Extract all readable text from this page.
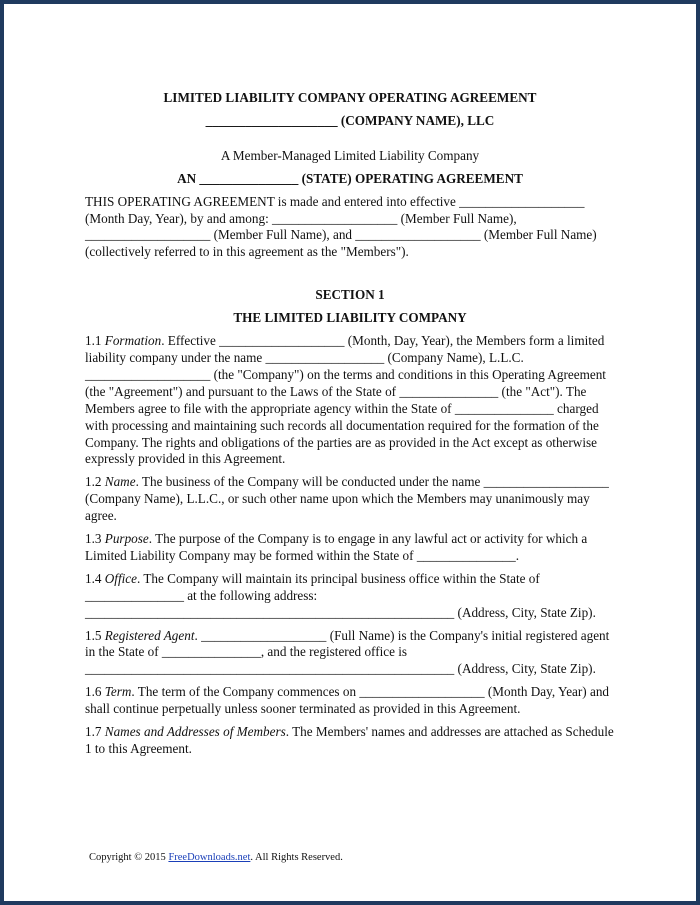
LIMITED LIABILITY COMPANY OPERATING AGREEMENT

____________________ (COMPANY NAME), LLC

A Member-Managed Limited Liability Company

AN _______________ (STATE) OPERATING AGREEMENT

THIS OPERATING AGREEMENT is made and entered into effective ___________________ (Month Day, Year), by and among: ___________________ (Member Full Name), ___________________ (Member Full Name), and ___________________ (Member Full Name) (collectively referred to in this agreement as the "Members").

SECTION 1

THE LIMITED LIABILITY COMPANY

1.1 Formation. Effective ___________________ (Month, Day, Year), the Members form a limited liability company under the name __________________ (Company Name), L.L.C. ___________________ (the "Company") on the terms and conditions in this Operating Agreement (the "Agreement") and pursuant to the Laws of the State of _______________ (the "Act"). The Members agree to file with the appropriate agency within the State of _______________ charged with processing and maintaining such records all documentation required for the formation of the Company. The rights and obligations of the parties are as provided in the Act except as otherwise expressly provided in this Agreement.

1.2 Name. The business of the Company will be conducted under the name ___________________ (Company Name), L.L.C., or such other name upon which the Members may unanimously may agree.

1.3 Purpose. The purpose of the Company is to engage in any lawful act or activity for which a Limited Liability Company may be formed within the State of _______________.

1.4 Office. The Company will maintain its principal business office within the State of _______________ at the following address: ________________________________________________________ (Address, City, State Zip).

1.5 Registered Agent. ___________________ (Full Name) is the Company's initial registered agent in the State of _______________, and the registered office is ________________________________________________________ (Address, City, State Zip).

1.6 Term. The term of the Company commences on ___________________ (Month Day, Year) and shall continue perpetually unless sooner terminated as provided in this Agreement.

1.7 Names and Addresses of Members. The Members' names and addresses are attached as Schedule 1 to this Agreement.

Copyright © 2015 FreeDownloads.net. All Rights Reserved.
